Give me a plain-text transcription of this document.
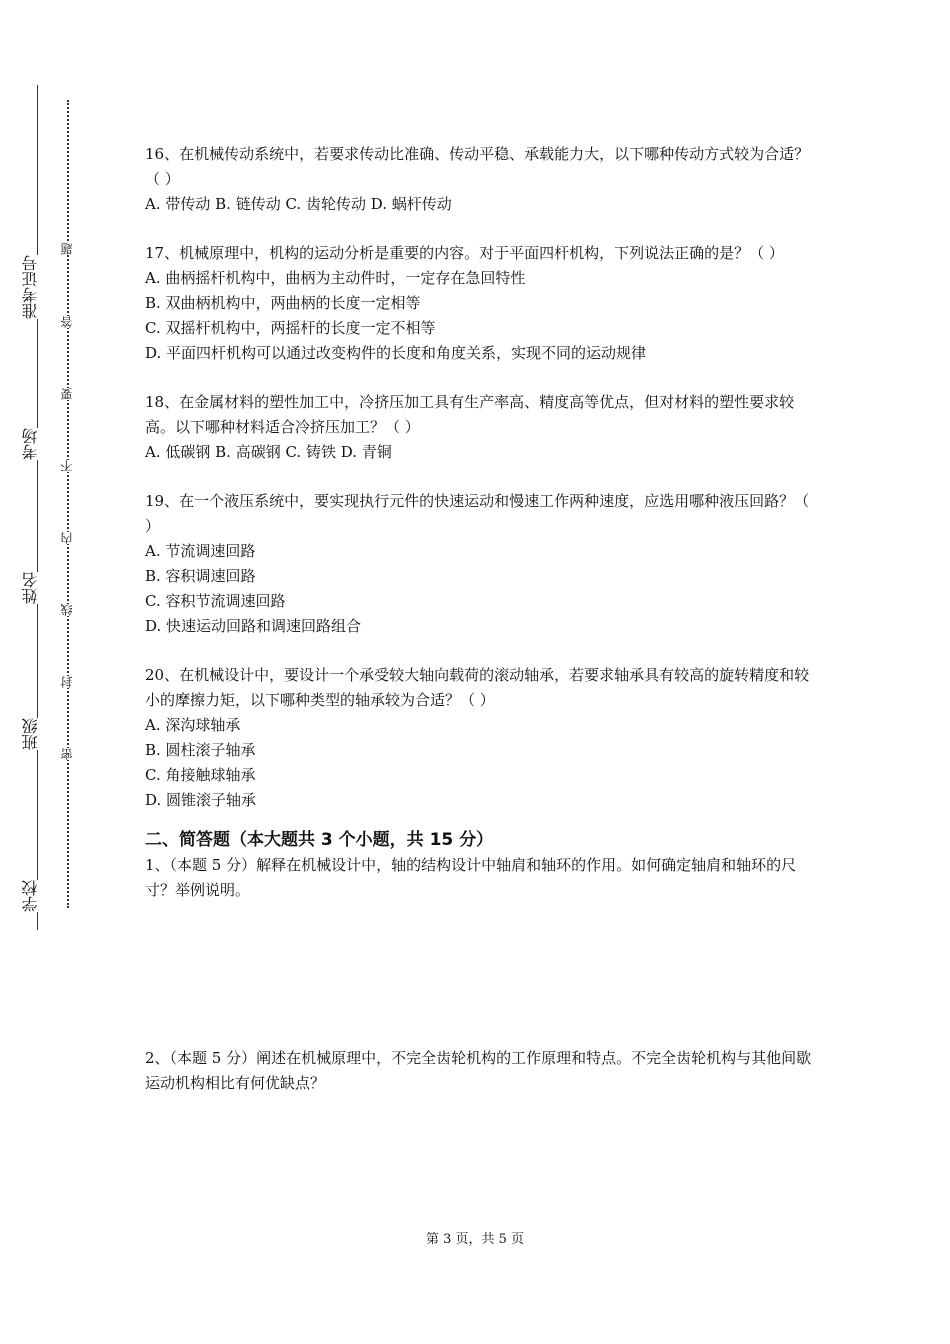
准考证号
考场
姓名
班级
学校
题
答
要
不
内
线
封
密

16、在机械传动系统中，若要求传动比准确、传动平稳、承载能力大，以下哪种传动方式较为合适？（ ）

A. 带传动 B. 链传动 C. 齿轮传动 D. 蜗杆传动

17、机械原理中，机构的运动分析是重要的内容。对于平面四杆机构，下列说法正确的是？（ ）

A. 曲柄摇杆机构中，曲柄为主动件时，一定存在急回特性

B. 双曲柄机构中，两曲柄的长度一定相等

C. 双摇杆机构中，两摇杆的长度一定不相等

D. 平面四杆机构可以通过改变构件的长度和角度关系，实现不同的运动规律

18、在金属材料的塑性加工中，冷挤压加工具有生产率高、精度高等优点，但对材料的塑性要求较高。以下哪种材料适合冷挤压加工？（ ）

A. 低碳钢 B. 高碳钢 C. 铸铁 D. 青铜

19、在一个液压系统中，要实现执行元件的快速运动和慢速工作两种速度，应选用哪种液压回路？（ ）

A. 节流调速回路

B. 容积调速回路

C. 容积节流调速回路

D. 快速运动回路和调速回路组合

20、在机械设计中，要设计一个承受较大轴向载荷的滚动轴承，若要求轴承具有较高的旋转精度和较小的摩擦力矩，以下哪种类型的轴承较为合适？（ ）

A. 深沟球轴承

B. 圆柱滚子轴承

C. 角接触球轴承

D. 圆锥滚子轴承

二、简答题（本大题共 3 个小题，共 15 分）

1、（本题 5 分）解释在机械设计中，轴的结构设计中轴肩和轴环的作用。如何确定轴肩和轴环的尺寸？举例说明。

2、（本题 5 分）阐述在机械原理中，不完全齿轮机构的工作原理和特点。不完全齿轮机构与其他间歇运动机构相比有何优缺点？

第 3 页，共 5 页
